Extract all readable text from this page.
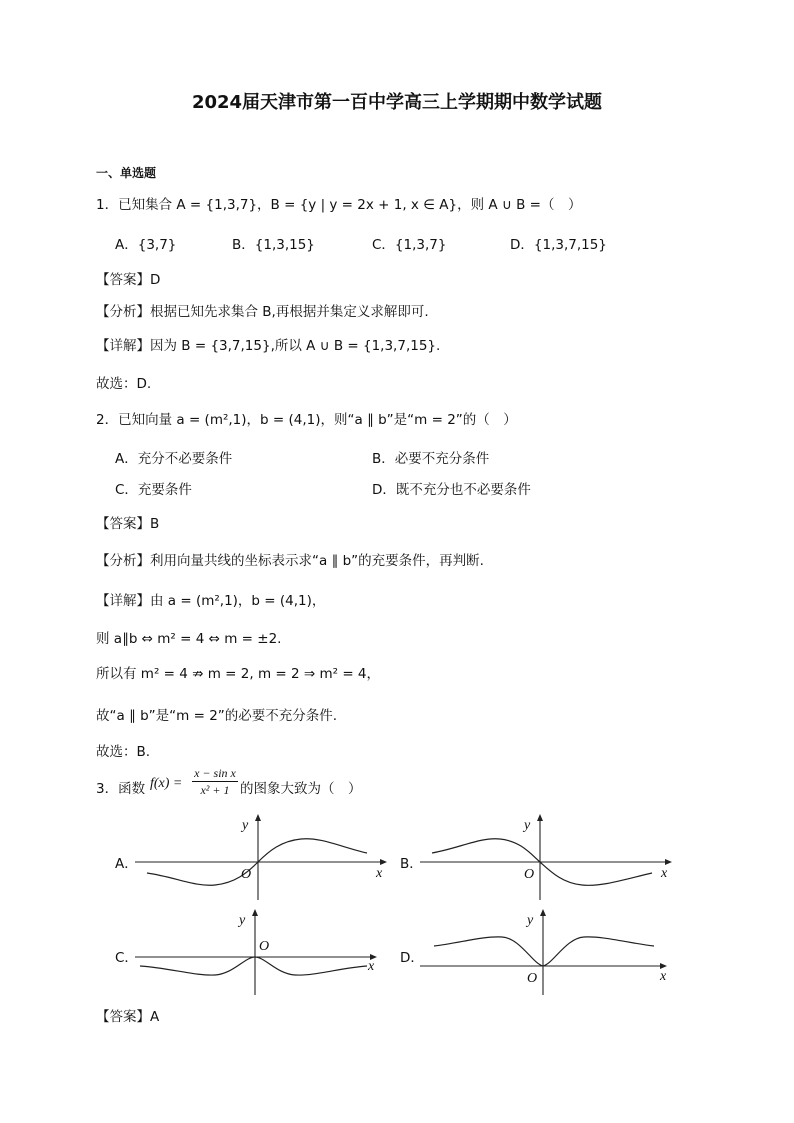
2024届天津市第一百中学高三上学期期中数学试题
一、单选题
1．已知集合 A = {1,3,7}，B = {y | y = 2x + 1, x ∈ A}，则 A ∪ B =（　）
A．{3,7}	B．{1,3,15}	C．{1,3,7}	D．{1,3,7,15}
【答案】D
【分析】根据已知先求集合 B,再根据并集定义求解即可.
【详解】因为 B = {3,7,15},所以 A ∪ B = {1,3,7,15}.
故选：D.
2．已知向量 a = (m²,1)，b = (4,1)，则“a ∥ b”是“m = 2”的（　）
A．充分不必要条件	B．必要不充分条件
C．充要条件	D．既不充分也不必要条件
【答案】B
【分析】利用向量共线的坐标表示求“a ∥ b”的充要条件，再判断.
【详解】由 a = (m²,1)，b = (4,1)，
则 a∥b ⇔ m² = 4 ⇔ m = ±2.
所以有 m² = 4 ⇏ m = 2, m = 2 ⇒ m² = 4，
故“a ∥ b”是“m = 2”的必要不充分条件.
故选：B.
3．函数 f(x) =
x − sin x
x² + 1 的图象大致为（　）
A．
O	x
y
B．
O	x
y
C．
O
x
y
D．
O	x
y
【答案】A
